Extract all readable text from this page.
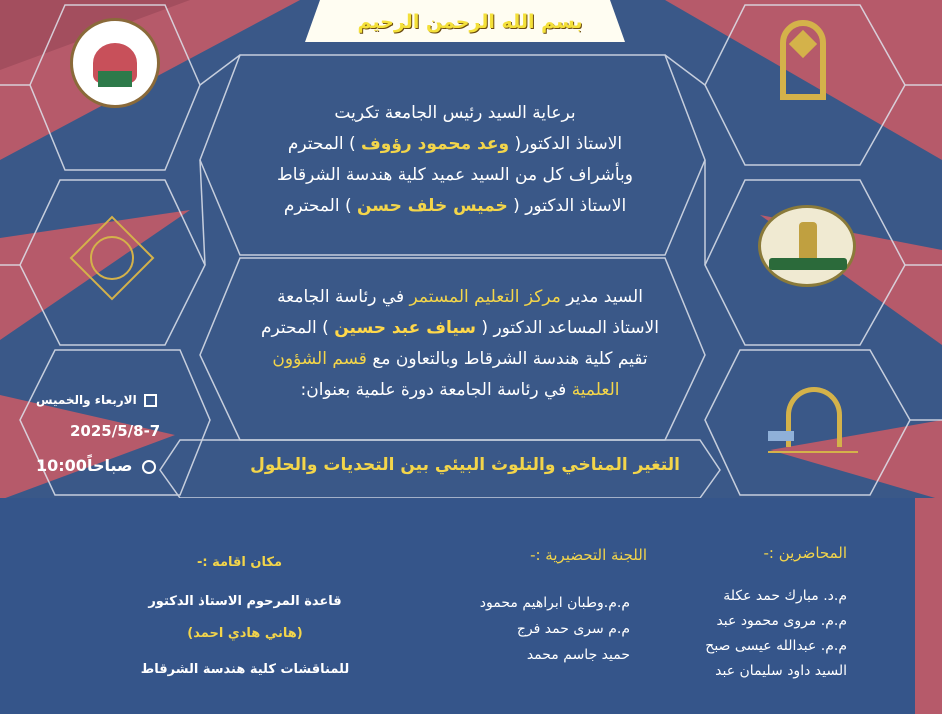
بسم الله الرحمن الرحيم
برعاية السيد رئيس الجامعة تكريت
الاستاذ الدكتور( وعد محمود رؤوف ) المحترم
وبأشراف كل من السيد عميد كلية هندسة الشرقاط
الاستاذ الدكتور ( خميس خلف حسن ) المحترم
السيد مدير مركز التعليم المستمر في رئاسة الجامعة
الاستاذ المساعد الدكتور ( سياف عبد حسين ) المحترم
تقيم كلية هندسة الشرقاط وبالتعاون مع قسم الشؤون
العلمية في رئاسة الجامعة دورة علمية بعنوان:
التغير المناخي والتلوث البيئي بين التحديات والحلول
الاربعاء والخميس
2025/5/8-7
صباحاً10:00
المحاضرين :-
م.د. مبارك حمد عكلة
م.م. مروى محمود عبد
م.م. عبدالله عيسى صبح
السيد داود سليمان عبد
اللجنة التحضيرية :-
م.م.وطبان ابراهيم محمود
م.م سرى حمد فرج
حميد جاسم محمد
مكان اقامة :-
قاعدة المرحوم الاستاذ الدكتور
(هاني هادي احمد)
للمناقشات كلية هندسة الشرقاط
